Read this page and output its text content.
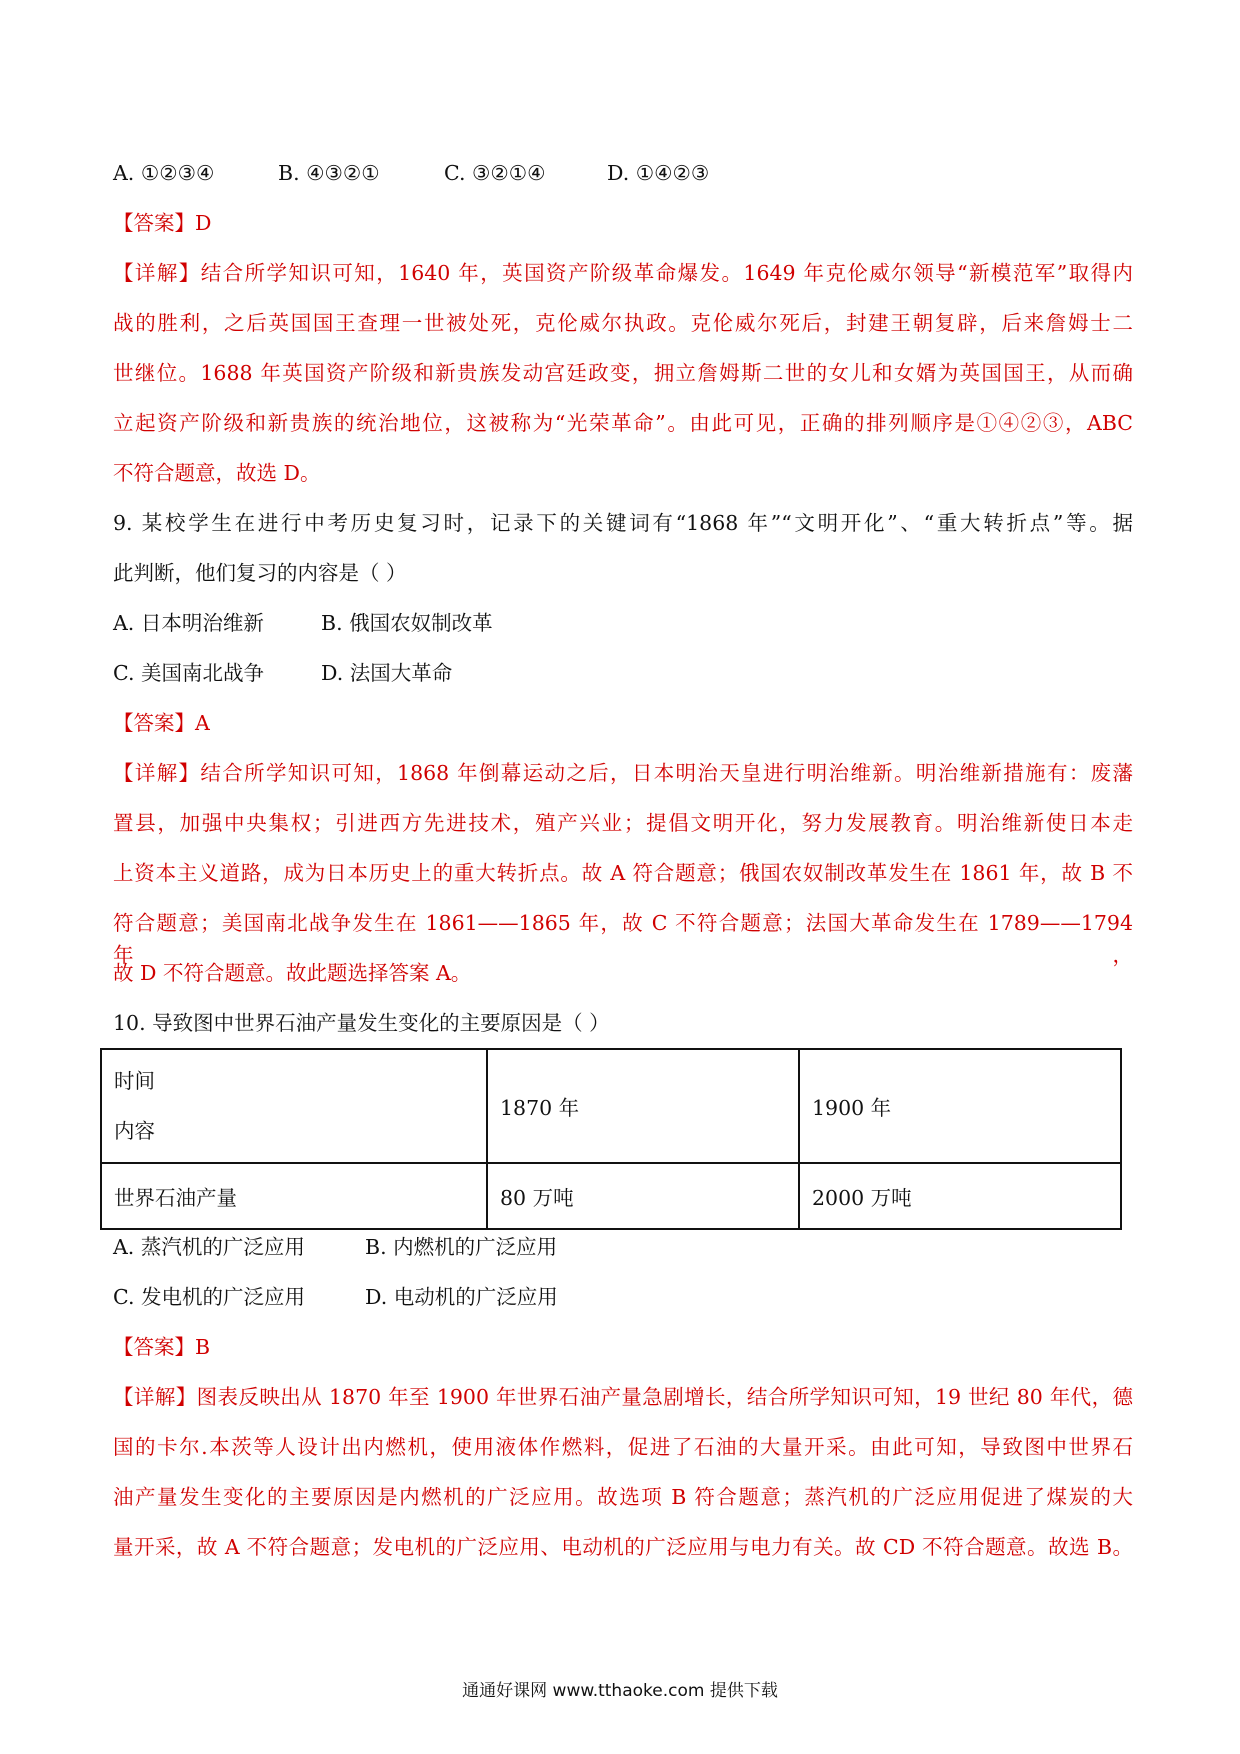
A. ①②③④	B. ④③②①	C. ③②①④	D. ①④②③
【答案】D
【详解】结合所学知识可知，1640 年，英国资产阶级革命爆发。1649 年克伦威尔领导“新模范军”取得内
战的胜利，之后英国国王查理一世被处死，克伦威尔执政。克伦威尔死后，封建王朝复辟，后来詹姆士二
世继位。1688 年英国资产阶级和新贵族发动宫廷政变，拥立詹姆斯二世的女儿和女婿为英国国王，从而确
立起资产阶级和新贵族的统治地位，这被称为“光荣革命”。由此可见，正确的排列顺序是①④②③，ABC
不符合题意，故选 D。
9. 某校学生在进行中考历史复习时，记录下的关键词有“1868 年”“文明开化”、“重大转折点”等。据
此判断，他们复习的内容是（ ）
A. 日本明治维新	B. 俄国农奴制改革
C. 美国南北战争	D. 法国大革命
【答案】A
【详解】结合所学知识可知，1868 年倒幕运动之后，日本明治天皇进行明治维新。明治维新措施有：废藩
置县，加强中央集权；引进西方先进技术，殖产兴业；提倡文明开化，努力发展教育。明治维新使日本走
上资本主义道路，成为日本历史上的重大转折点。故 A 符合题意；俄国农奴制改革发生在 1861 年，故 B 不
符合题意；美国南北战争发生在 1861——1865 年，故 C 不符合题意；法国大革命发生在 1789——1794 年，
故 D 不符合题意。故此题选择答案 A。
10. 导致图中世界石油产量发生变化的主要原因是（ ）
时间
内容	1870 年	1900 年
世界石油产量	80 万吨	2000 万吨
A. 蒸汽机的广泛应用	B. 内燃机的广泛应用
C. 发电机的广泛应用	D. 电动机的广泛应用
【答案】B
【详解】图表反映出从 1870 年至 1900 年世界石油产量急剧增长，结合所学知识可知，19 世纪 80 年代，德
国的卡尔.本茨等人设计出内燃机，使用液体作燃料，促进了石油的大量开采。由此可知，导致图中世界石
油产量发生变化的主要原因是内燃机的广泛应用。故选项 B 符合题意；蒸汽机的广泛应用促进了煤炭的大
量开采，故 A 不符合题意；发电机的广泛应用、电动机的广泛应用与电力有关。故 CD 不符合题意。故选 B。
通通好课网 www.tthaoke.com 提供下载
